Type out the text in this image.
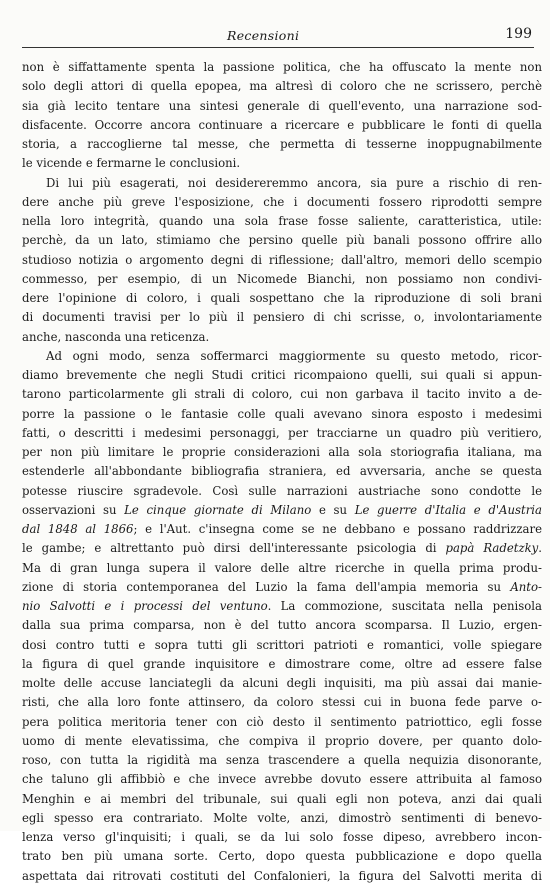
Recensioni	199
non è siffattamente spenta la passione politica, che ha offuscato la mente non
solo degli attori di quella epopea, ma altresì di coloro che ne scrissero, perchè
sia già lecito tentare una sintesi generale di quell'evento, una narrazione sod-
disfacente. Occorre ancora continuare a ricercare e pubblicare le fonti di quella
storia, a raccoglierne tal messe, che permetta di tesserne inoppugnabilmente
le vicende e fermarne le conclusioni.
Di lui più esagerati, noi desidereremmo ancora, sia pure a rischio di ren-
dere anche più greve l'esposizione, che i documenti fossero riprodotti sempre
nella loro integrità, quando una sola frase fosse saliente, caratteristica, utile:
perchè, da un lato, stimiamo che persino quelle più banali possono offrire allo
studioso notizia o argomento degni di riflessione; dall'altro, memori dello scempio
commesso, per esempio, di un Nicomede Bianchi, non possiamo non condivi-
dere l'opinione di coloro, i quali sospettano che la riproduzione di soli brani
di documenti travisi per lo più il pensiero di chi scrisse, o, involontariamente
anche, nasconda una reticenza.
Ad ogni modo, senza soffermarci maggiormente su questo metodo, ricor-
diamo brevemente che negli Studi critici ricompaiono quelli, sui quali si appun-
tarono particolarmente gli strali di coloro, cui non garbava il tacito invito a de-
porre la passione o le fantasie colle quali avevano sinora esposto i medesimi
fatti, o descritti i medesimi personaggi, per tracciarne un quadro più veritiero,
per non più limitare le proprie considerazioni alla sola storiografia italiana, ma
estenderle all'abbondante bibliografia straniera, ed avversaria, anche se questa
potesse riuscire sgradevole. Così sulle narrazioni austriache sono condotte le
osservazioni su Le cinque giornate di Milano e su Le guerre d'Italia e d'Austria
dal 1848 al 1866; e l'Aut. c'insegna come se ne debbano e possano raddrizzare
le gambe; e altrettanto può dirsi dell'interessante psicologia di papà Radetzky.
Ma di gran lunga supera il valore delle altre ricerche in quella prima produ-
zione di storia contemporanea del Luzio la fama dell'ampia memoria su Anto-
nio Salvotti e i processi del ventuno. La commozione, suscitata nella penisola
dalla sua prima comparsa, non è del tutto ancora scomparsa. Il Luzio, ergen-
dosi contro tutti e sopra tutti gli scrittori patrioti e romantici, volle spiegare
la figura di quel grande inquisitore e dimostrare come, oltre ad essere false
molte delle accuse lanciategli da alcuni degli inquisiti, ma più assai dai manie-
risti, che alla loro fonte attinsero, da coloro stessi cui in buona fede parve o-
pera politica meritoria tener con ciò desto il sentimento patriottico, egli fosse
uomo di mente elevatissima, che compiva il proprio dovere, per quanto dolo-
roso, con tutta la rigidità ma senza trascendere a quella nequizia disonorante,
che taluno gli affibbiò e che invece avrebbe dovuto essere attribuita al famoso
Menghin e ai membri del tribunale, sui quali egli non poteva, anzi dai quali
egli spesso era contrariato. Molte volte, anzi, dimostrò sentimenti di benevo-
lenza verso gl'inquisiti; i quali, se da lui solo fosse dipeso, avrebbero incon-
trato ben più umana sorte. Certo, dopo questa pubblicazione e dopo quella
aspettata dai ritrovati costituti del Confalonieri, la figura del Salvotti merita di
